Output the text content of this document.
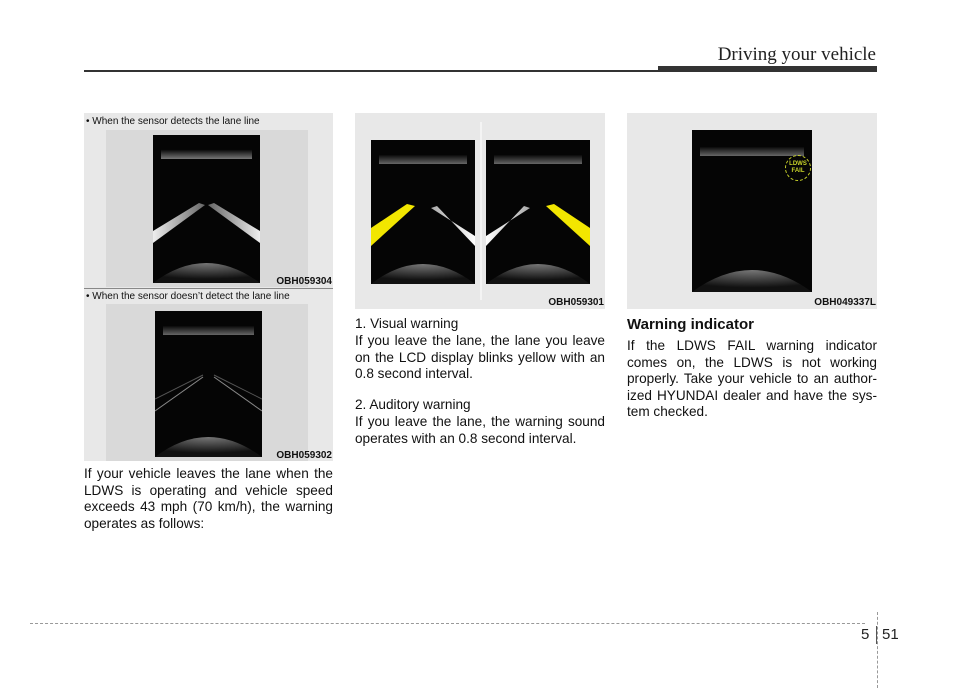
Driving your vehicle
• When the sensor detects the lane line
OBH059304
• When the sensor doesn’t detect the lane line
OBH059302
If your vehicle leaves the lane when the LDWS is operating and vehicle speed exceeds 43 mph (70 km/h), the warning operates as follows:
OBH059301
1. Visual warning
If you leave the lane, the lane you leave on the LCD display blinks yellow with an 0.8 second interval.
2. Auditory warning
If you leave the lane, the warning sound operates with an 0.8 second interval.
LDWS
FAIL
OBH049337L
Warning indicator
If the LDWS FAIL warning indicator comes on, the LDWS is not working properly. Take your vehicle to an author-ized HYUNDAI dealer and have the sys-tem checked.
5 51
